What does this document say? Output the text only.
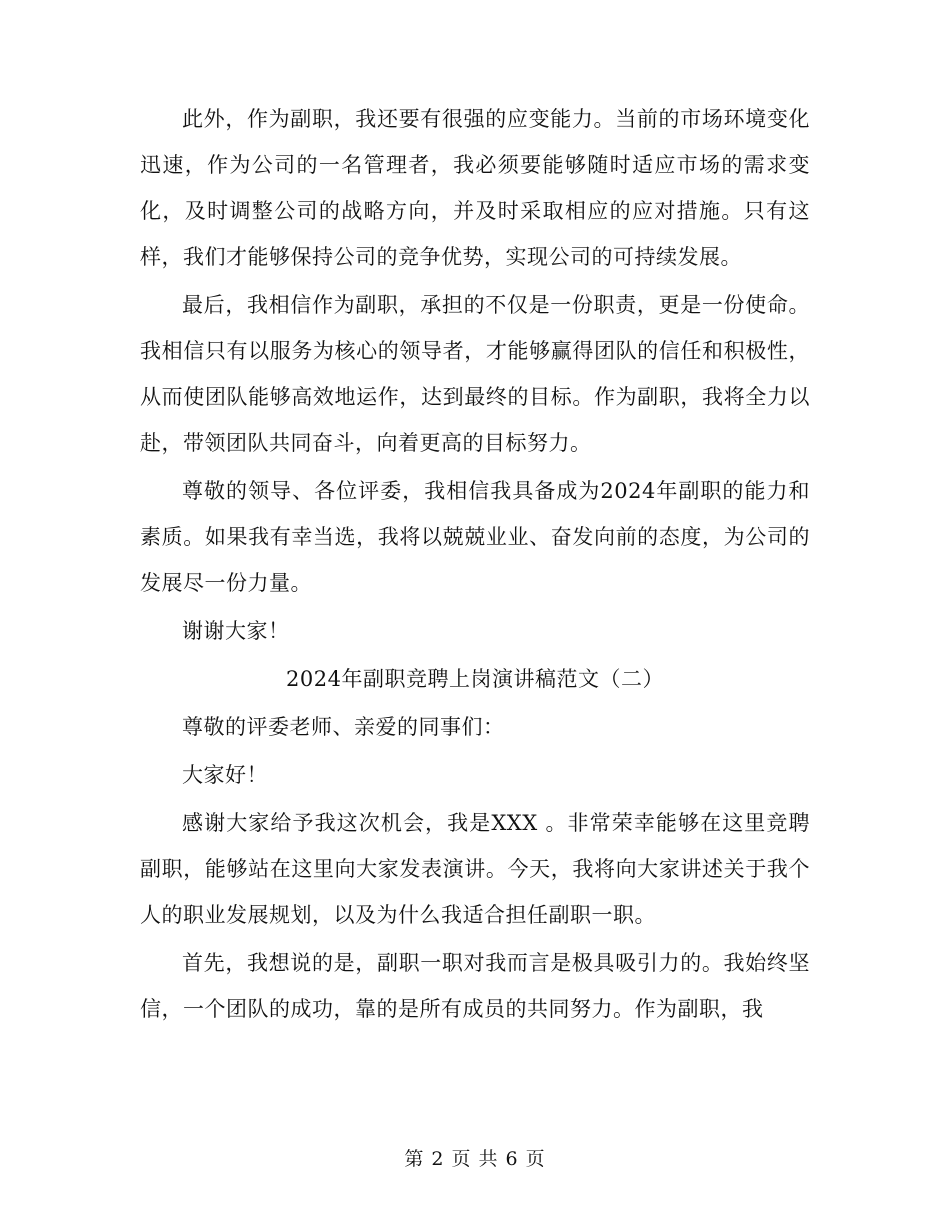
此外，作为副职，我还要有很强的应变能力。当前的市场环境变化迅速，作为公司的一名管理者，我必须要能够随时适应市场的需求变化，及时调整公司的战略方向，并及时采取相应的应对措施。只有这样，我们才能够保持公司的竞争优势，实现公司的可持续发展。

最后，我相信作为副职，承担的不仅是一份职责，更是一份使命。我相信只有以服务为核心的领导者，才能够赢得团队的信任和积极性，从而使团队能够高效地运作，达到最终的目标。作为副职，我将全力以赴，带领团队共同奋斗，向着更高的目标努力。

尊敬的领导、各位评委，我相信我具备成为2024年副职的能力和素质。如果我有幸当选，我将以兢兢业业、奋发向前的态度，为公司的发展尽一份力量。

谢谢大家！

2024年副职竞聘上岗演讲稿范文（二）

尊敬的评委老师、亲爱的同事们：

大家好！

感谢大家给予我这次机会，我是XXX 。非常荣幸能够在这里竞聘副职，能够站在这里向大家发表演讲。今天，我将向大家讲述关于我个人的职业发展规划，以及为什么我适合担任副职一职。

首先，我想说的是，副职一职对我而言是极具吸引力的。我始终坚信，一个团队的成功，靠的是所有成员的共同努力。作为副职，我

第 2 页 共 6 页
